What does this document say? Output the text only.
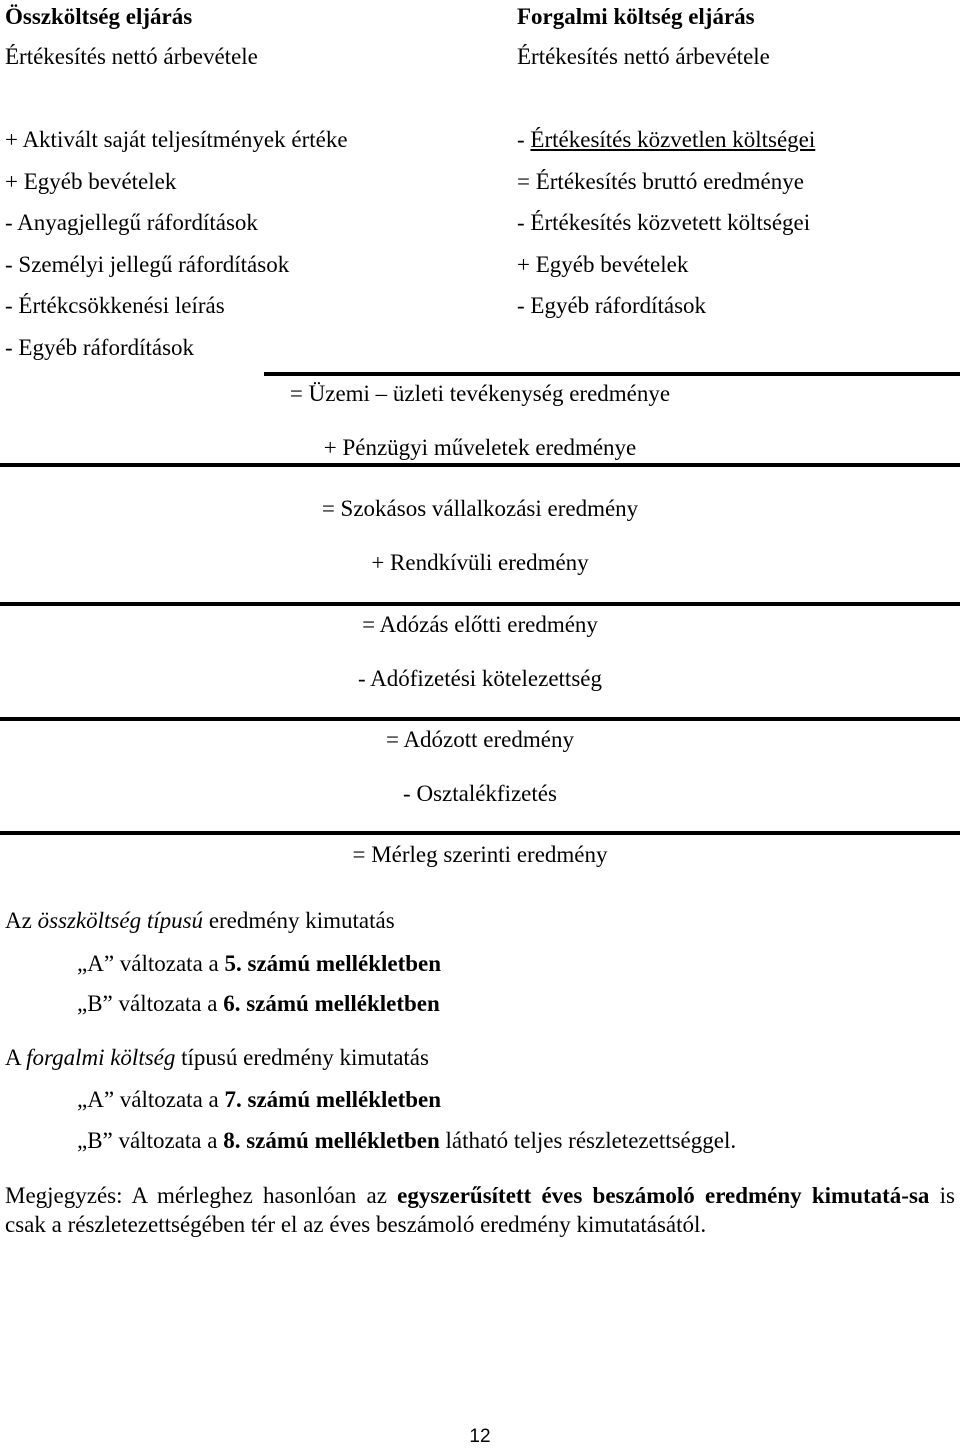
Összköltség eljárás	Forgalmi költség eljárás
Értékesítés nettó árbevétele	Értékesítés nettó árbevétele
+ Aktivált saját teljesítmények értéke
+ Egyéb bevételek
- Anyagjellegű ráfordítások
- Személyi jellegű ráfordítások
- Értékcsökkenési leírás
- Egyéb ráfordítások
- Értékesítés közvetlen költségei
= Értékesítés bruttó eredménye
- Értékesítés közvetett költségei
+ Egyéb bevételek
- Egyéb ráfordítások
= Üzemi – üzleti tevékenység eredménye
+ Pénzügyi műveletek eredménye
= Szokásos vállalkozási eredmény
+ Rendkívüli eredmény
= Adózás előtti eredmény
- Adófizetési kötelezettség
= Adózott eredmény
- Osztalékfizetés
= Mérleg szerinti eredmény
Az összköltség típusú eredmény kimutatás
„A” változata a 5. számú mellékletben
„B” változata a 6. számú mellékletben
A forgalmi költség típusú eredmény kimutatás
„A” változata a 7. számú mellékletben
„B” változata a 8. számú mellékletben látható teljes részletezettséggel.
Megjegyzés: A mérleghez hasonlóan az egyszerűsített éves beszámoló eredmény kimutatá-sa is csak a részletezettségében tér el az éves beszámoló eredmény kimutatásától.
12
